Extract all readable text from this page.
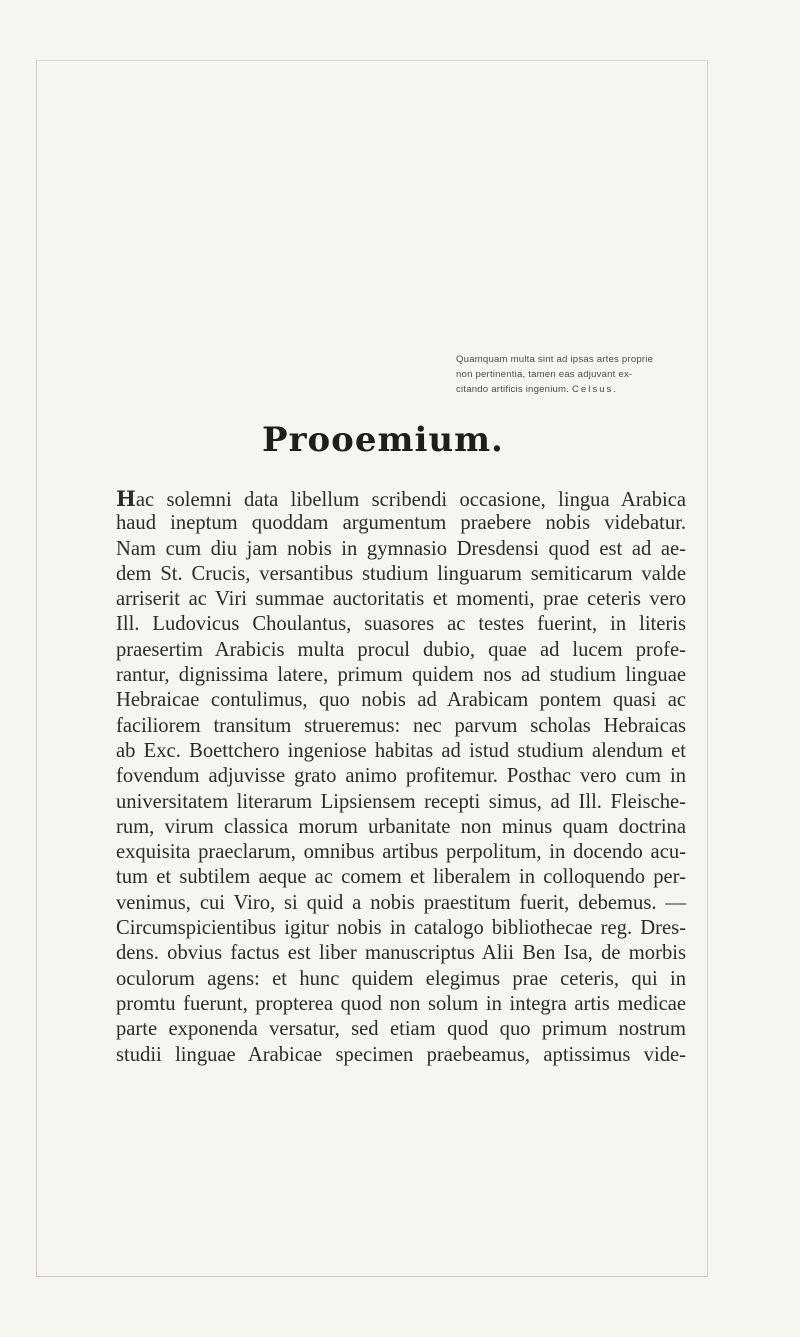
Quamquam multa sint ad ipsas artes proprie
non pertinentia, tamen eas adjuvant ex-
citando artificis ingenium. Celsus.
Prooemium.
Hac solemni data libellum scribendi occasione, lingua Arabica
haud ineptum quoddam argumentum praebere nobis videbatur.
Nam cum diu jam nobis in gymnasio Dresdensi quod est ad ae-
dem St. Crucis, versantibus studium linguarum semiticarum valde
arriserit ac Viri summae auctoritatis et momenti, prae ceteris vero
Ill. Ludovicus Choulantus, suasores ac testes fuerint, in literis
praesertim Arabicis multa procul dubio, quae ad lucem profe-
rantur, dignissima latere, primum quidem nos ad studium linguae
Hebraicae contulimus, quo nobis ad Arabicam pontem quasi ac
faciliorem transitum strueremus: nec parvum scholas Hebraicas
ab Exc. Boettchero ingeniose habitas ad istud studium alendum et
fovendum adjuvisse grato animo profitemur. Posthac vero cum in
universitatem literarum Lipsiensem recepti simus, ad Ill. Fleische-
rum, virum classica morum urbanitate non minus quam doctrina
exquisita praeclarum, omnibus artibus perpolitum, in docendo acu-
tum et subtilem aeque ac comem et liberalem in colloquendo per-
venimus, cui Viro, si quid a nobis praestitum fuerit, debemus. —
Circumspicientibus igitur nobis in catalogo bibliothecae reg. Dres-
dens. obvius factus est liber manuscriptus Alii Ben Isa, de morbis
oculorum agens: et hunc quidem elegimus prae ceteris, qui in
promtu fuerunt, propterea quod non solum in integra artis medicae
parte exponenda versatur, sed etiam quod quo primum nostrum
studii linguae Arabicae specimen praebeamus, aptissimus vide-
